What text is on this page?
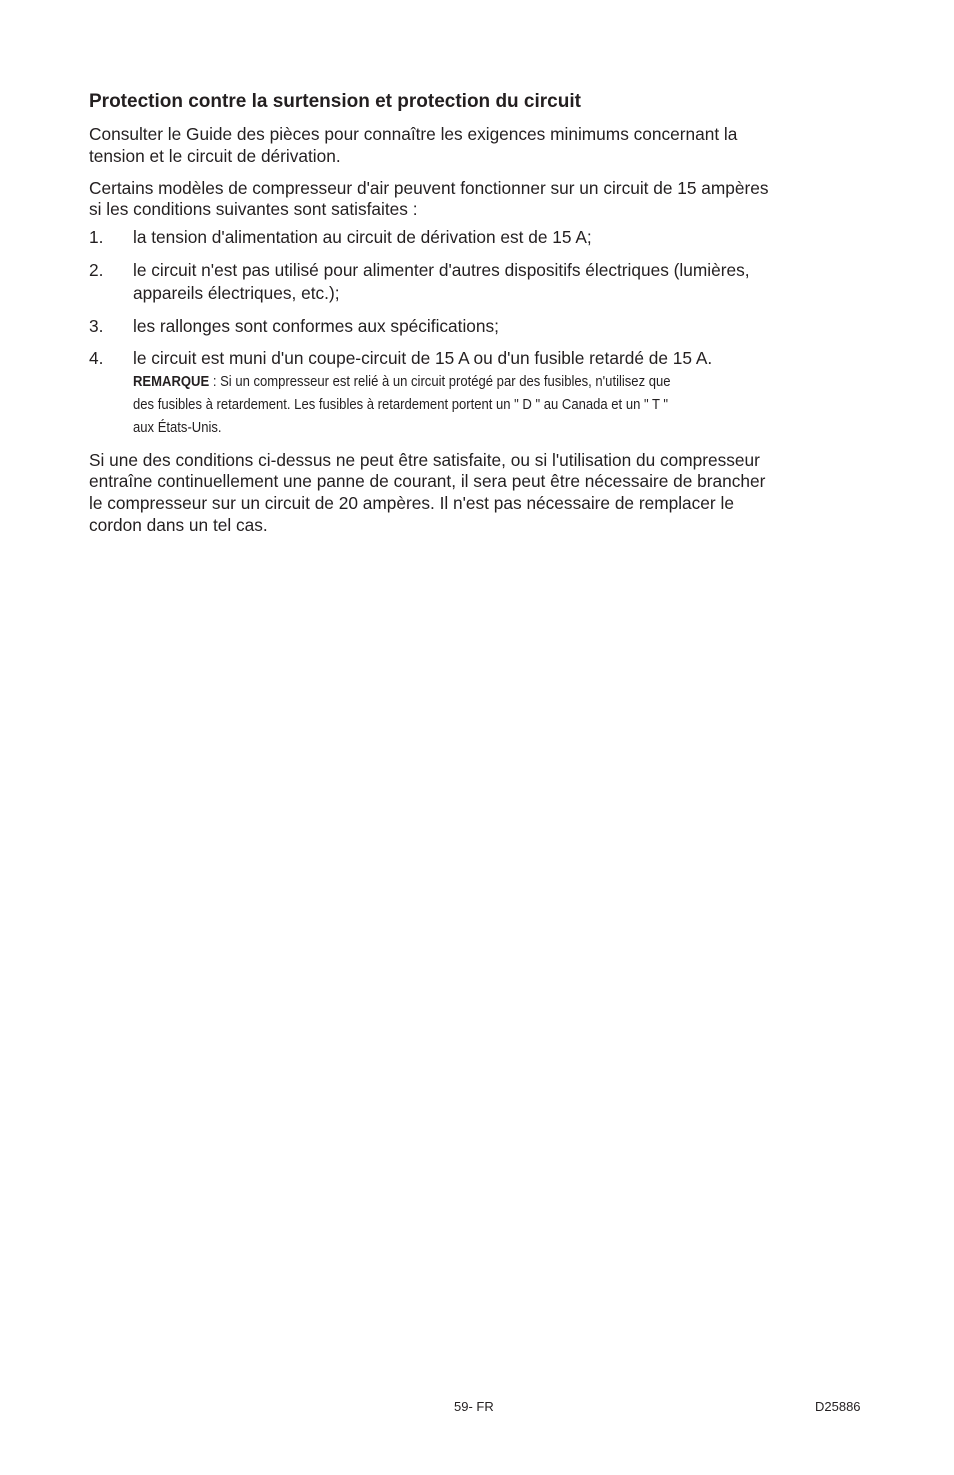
Protection contre la surtension et protection du circuit
Consulter le Guide des pièces pour connaître les exigences minimums concernant la
tension et le circuit de dérivation.
Certains modèles de compresseur d'air peuvent fonctionner sur un circuit de 15 ampères
si les conditions suivantes sont satisfaites :
1. la tension d'alimentation au circuit de dérivation est de 15 A;
2. le circuit n'est pas utilisé pour alimenter d'autres dispositifs électriques (lumières,
appareils électriques, etc.);
3. les rallonges sont conformes aux spécifications;
4. le circuit est muni d'un coupe-circuit de 15 A ou d'un fusible retardé de 15 A.
REMARQUE : Si un compresseur est relié à un circuit protégé par des fusibles, n'utilisez que
des fusibles à retardement. Les fusibles à retardement portent un " D " au Canada et un " T "
aux États-Unis.
Si une des conditions ci-dessus ne peut être satisfaite, ou si l'utilisation du compresseur
entraîne continuellement une panne de courant, il sera peut être nécessaire de brancher
le compresseur sur un circuit de 20 ampères. Il n'est pas nécessaire de remplacer le
cordon dans un tel cas.
59- FR	D25886
